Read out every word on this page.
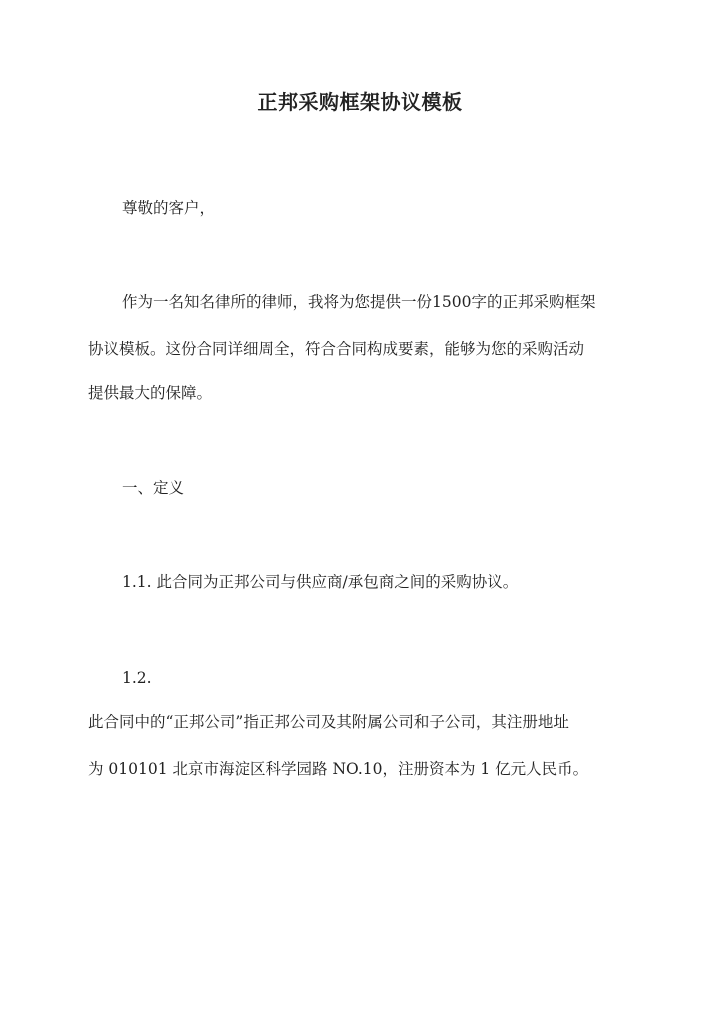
正邦采购框架协议模板
尊敬的客户，
作为一名知名律所的律师，我将为您提供一份1500字的正邦采购框架
协议模板。这份合同详细周全，符合合同构成要素，能够为您的采购活动
提供最大的保障。
一、定义
1.1. 此合同为正邦公司与供应商/承包商之间的采购协议。
1.2.
此合同中的“正邦公司”指正邦公司及其附属公司和子公司，其注册地址
为 010101 北京市海淀区科学园路 NO.10，注册资本为 1 亿元人民币。
